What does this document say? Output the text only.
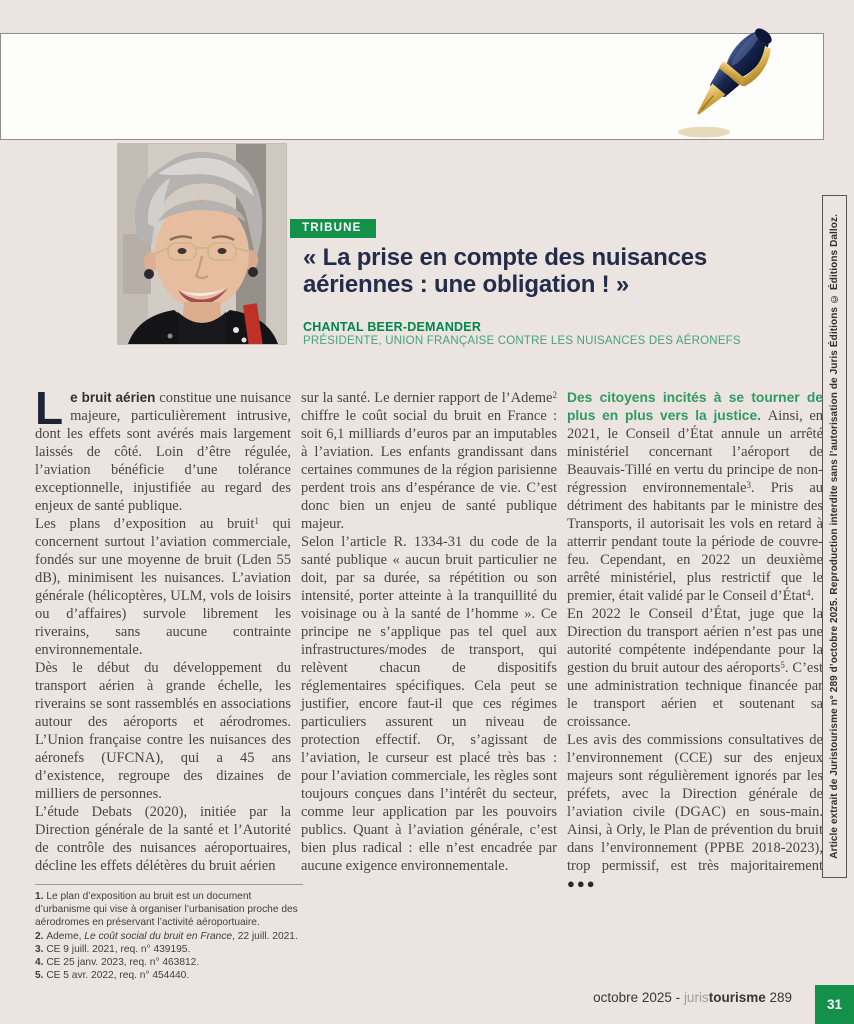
TRIBUNE
« La prise en compte des nuisances
aériennes : une obligation ! »
CHANTAL BEER-DEMANDER
PRÉSIDENTE, UNION FRANÇAISE CONTRE LES NUISANCES DES AÉRONEFS

Le bruit aérien constitue une nuisance majeure, particulièrement intrusive, dont les effets sont avérés mais largement laissés de côté. Loin d’être régulée, l’aviation bénéficie d’une tolérance exceptionnelle, injustifiée au regard des enjeux de santé publique.

Les plans d’exposition au bruit$^1$ qui concernent surtout l’aviation commerciale, fondés sur une moyenne de bruit (Lden 55 dB), minimisent les nuisances. L’aviation générale (hélicoptères, ULM, vols de loisirs ou d’affaires) survole librement les riverains, sans aucune contrainte environnementale.

Dès le début du développement du transport aérien à grande échelle, les riverains se sont rassemblés en associations autour des aéroports et aérodromes. L’Union française contre les nuisances des aéronefs (UFCNA), qui a 45 ans d’existence, regroupe des dizaines de milliers de personnes.

L’étude Debats (2020), initiée par la Direction générale de la santé et l’Autorité de contrôle des nuisances aéroportuaires, décline les effets délétères du bruit aérien

sur la santé. Le dernier rapport de l’Ademe$^2$ chiffre le coût social du bruit en France : soit 6,1 milliards d’euros par an imputables à l’aviation. Les enfants grandissant dans certaines communes de la région parisienne perdent trois ans d’espérance de vie. C’est donc bien un enjeu de santé publique majeur.

Selon l’article R. 1334-31 du code de la santé publique « aucun bruit particulier ne doit, par sa durée, sa répétition ou son intensité, porter atteinte à la tranquillité du voisinage ou à la santé de l’homme ». Ce principe ne s’applique pas tel quel aux infrastructures/modes de transport, qui relèvent chacun de dispositifs réglementaires spécifiques. Cela peut se justifier, encore faut-il que ces régimes particuliers assurent un niveau de protection effectif. Or, s’agissant de l’aviation, le curseur est placé très bas : pour l’aviation commerciale, les règles sont toujours conçues dans l’intérêt du secteur, comme leur application par les pouvoirs publics. Quant à l’aviation générale, c’est bien plus radical : elle n’est encadrée par aucune exigence environnementale.

Des citoyens incités à se tourner de plus en plus vers la justice. Ainsi, en 2021, le Conseil d’État annule un arrêté ministériel concernant l’aéroport de Beauvais-Tillé en vertu du principe de non-régression environnementale$^3$. Pris au détriment des habitants par le ministre des Transports, il autorisait les vols en retard à atterrir pendant toute la période de couvre-feu. Cependant, en 2022 un deuxième arrêté ministériel, plus restrictif que le premier, était validé par le Conseil d’État$^4$.

En 2022 le Conseil d’État, juge que la Direction du transport aérien n’est pas une autorité compétente indépendante pour la gestion du bruit autour des aéroports$^5$. C’est une administration technique financée par le transport aérien et soutenant sa croissance.

Les avis des commissions consultatives de l’environnement (CCE) sur des enjeux majeurs sont régulièrement ignorés par les préfets, avec la Direction générale de l’aviation civile (DGAC) en sous-main. Ainsi, à Orly, le Plan de prévention du bruit dans l’environnement (PPBE 2018-2023), trop permissif, est très majoritairement ●●●

1. Le plan d’exposition au bruit est un document d’urbanisme qui vise à organiser l’urbanisation proche des aérodromes en préservant l’activité aéroportuaire.
2. Ademe, Le coût social du bruit en France, 22 juill. 2021.
3. CE 9 juill. 2021, req. n° 439195.
4. CE 25 janv. 2023, req. n° 463812.
5. CE 5 avr. 2022, req. n° 454440.
Article extrait de Juristourisme n° 289 d’octobre 2025. Reproduction interdite sans l’autorisation de Juris Éditions © Éditions Dalloz.
octobre 2025 - juristourisme 289	31
